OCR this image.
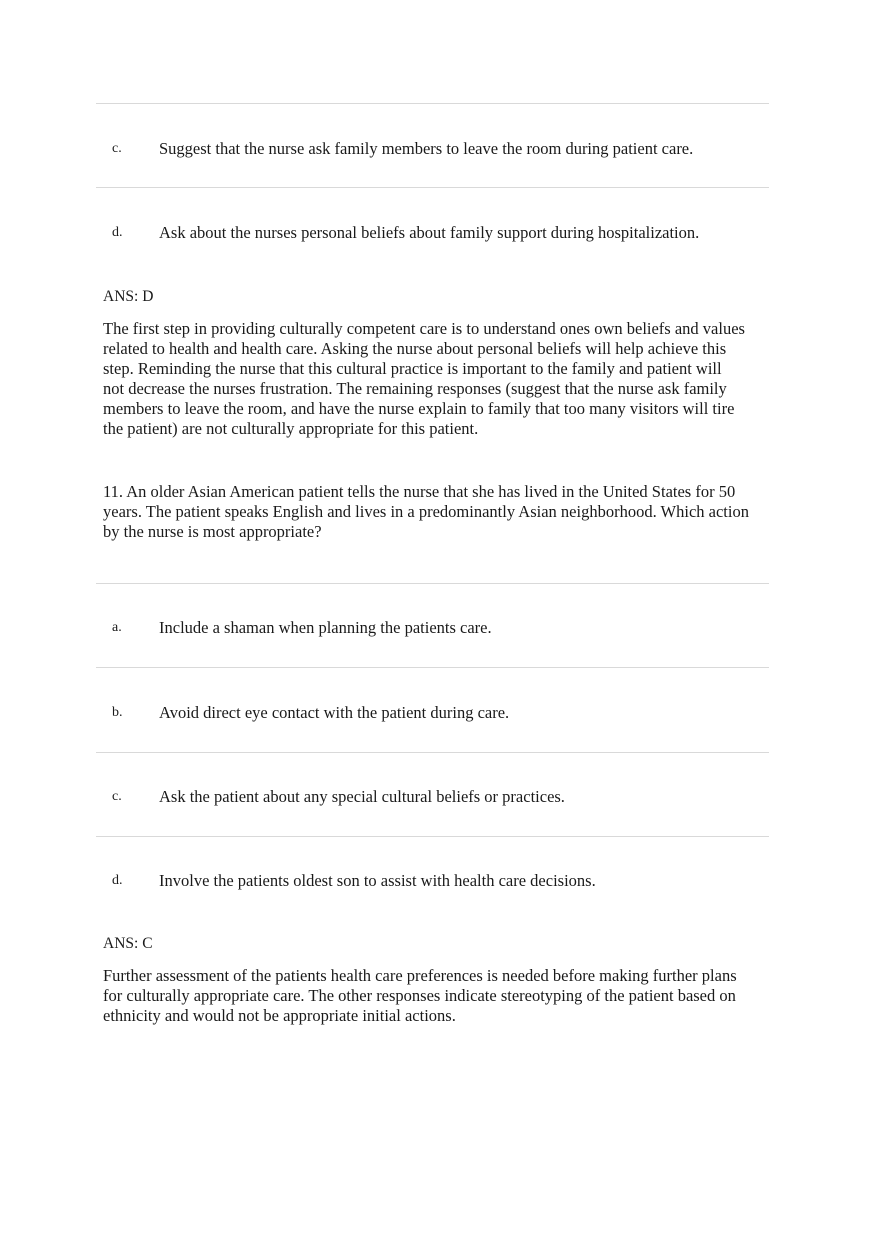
c. Suggest that the nurse ask family members to leave the room during patient care.
d. Ask about the nurses personal beliefs about family support during hospitalization.
ANS: D
The first step in providing culturally competent care is to understand ones own beliefs and values
related to health and health care. Asking the nurse about personal beliefs will help achieve this
step. Reminding the nurse that this cultural practice is important to the family and patient will
not decrease the nurses frustration. The remaining responses (suggest that the nurse ask family
members to leave the room, and have the nurse explain to family that too many visitors will tire
the patient) are not culturally appropriate for this patient.
11. An older Asian American patient tells the nurse that she has lived in the United States for 50
years. The patient speaks English and lives in a predominantly Asian neighborhood. Which action
by the nurse is most appropriate?
a. Include a shaman when planning the patients care.
b. Avoid direct eye contact with the patient during care.
c. Ask the patient about any special cultural beliefs or practices.
d. Involve the patients oldest son to assist with health care decisions.
ANS: C
Further assessment of the patients health care preferences is needed before making further plans
for culturally appropriate care. The other responses indicate stereotyping of the patient based on
ethnicity and would not be appropriate initial actions.
